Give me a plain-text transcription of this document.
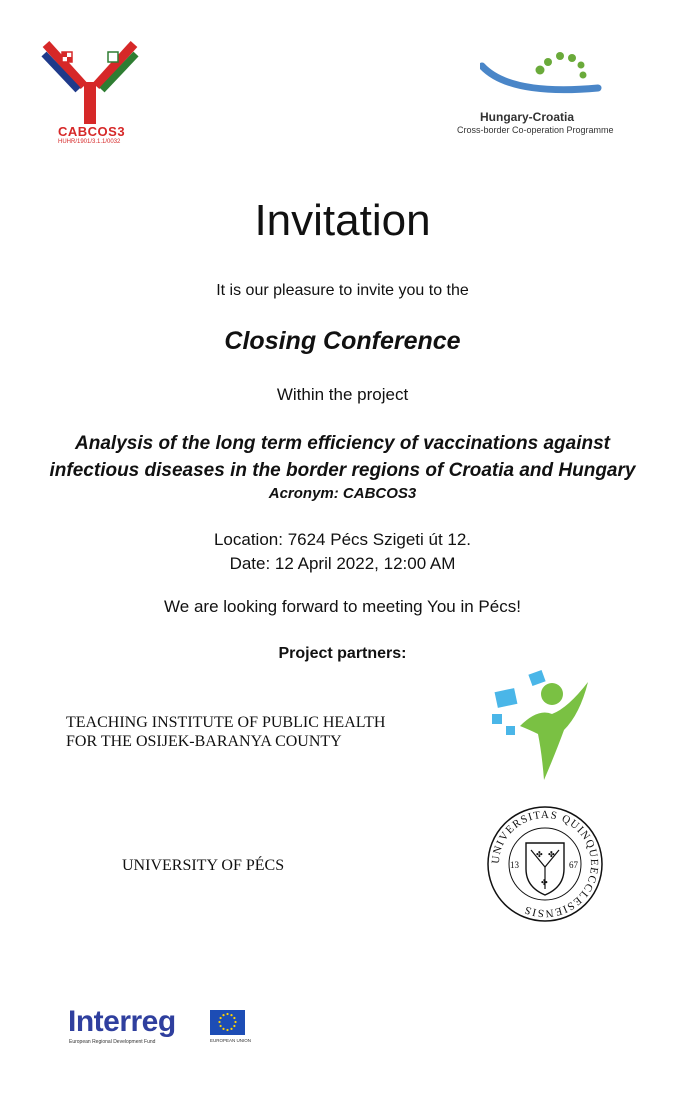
CABCOS3
HUHR/1901/3.1.1/0032
Hungary-Croatia
Cross-border Co-operation Programme
Invitation
It is our pleasure to invite you to the
Closing Conference
Within the project
Analysis of the long term efficiency of vaccinations against
infectious diseases in the border regions of Croatia and Hungary
Acronym: CABCOS3
Location: 7624 Pécs Szigeti út 12.
Date: 12 April 2022, 12:00 AM
We are looking forward to meeting You in Pécs!
Project partners:
TEACHING INSTITUTE OF PUBLIC HEALTH
FOR THE OSIJEK-BARANYA COUNTY
UNIVERSITY OF PÉCS	UNIVERSITAS QUINQUEECCLESIENSIS
✤ ✤
✤
13	67
Interreg
European Regional Development Fund	EUROPEAN UNION
